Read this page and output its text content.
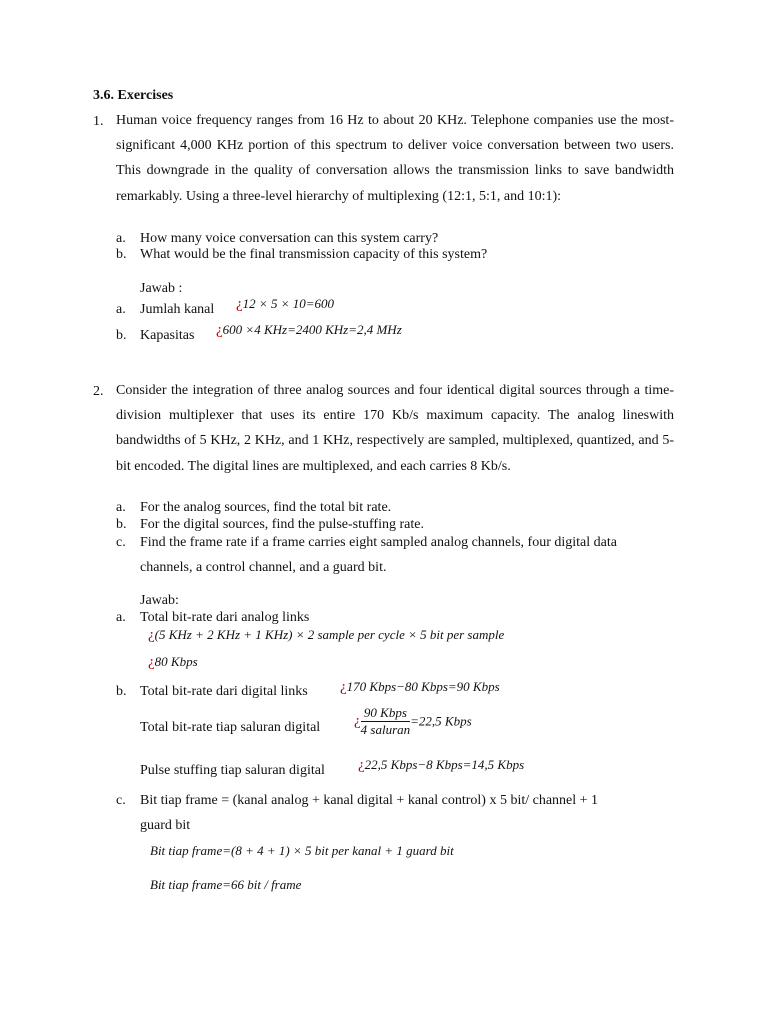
3.6. Exercises
1. Human voice frequency ranges from 16 Hz to about 20 KHz. Telephone companies use the most-significant 4,000 KHz portion of this spectrum to deliver voice conversation between two users. This downgrade in the quality of conversation allows the transmission links to save bandwidth remarkably. Using a three-level hierarchy of multiplexing (12:1, 5:1, and 10:1):
a. How many voice conversation can this system carry?
b. What would be the final transmission capacity of this system?
Jawab :
a. Jumlah kanal ¿12 × 5 × 10=600
b. Kapasitas ¿600 ×4 KHz=2400 KHz=2,4 MHz
2. Consider the integration of three analog sources and four identical digital sources through a time-division multiplexer that uses its entire 170 Kb/s maximum capacity. The analog lineswith bandwidths of 5 KHz, 2 KHz, and 1 KHz, respectively are sampled, multiplexed, quantized, and 5-bit encoded. The digital lines are multiplexed, and each carries 8 Kb/s.
a. For the analog sources, find the total bit rate.
b. For the digital sources, find the pulse-stuffing rate.
c. Find the frame rate if a frame carries eight sampled analog channels, four digital data
channels, a control channel, and a guard bit.
Jawab:
a. Total bit-rate dari analog links
¿(5 KHz + 2 KHz + 1 KHz) × 2 sample per cycle × 5 bit per sample
¿80 Kbps
b. Total bit-rate dari digital links ¿170 Kbps−80 Kbps=90 Kbps
Total bit-rate tiap saluran digital ¿ $\frac{\text{90 Kbps}}{\text{4 saluran}} =22,5$ Kbps
Pulse stuffing tiap saluran digital ¿22,5 Kbps−8 Kbps=14,5 Kbps
c. Bit tiap frame = (kanal analog + kanal digital + kanal control) x 5 bit/ channel + 1
guard bit
Bit tiap frame=(8 + 4 + 1) × 5 bit per kanal + 1 guard bit
Bit tiap frame=66 bit / frame
